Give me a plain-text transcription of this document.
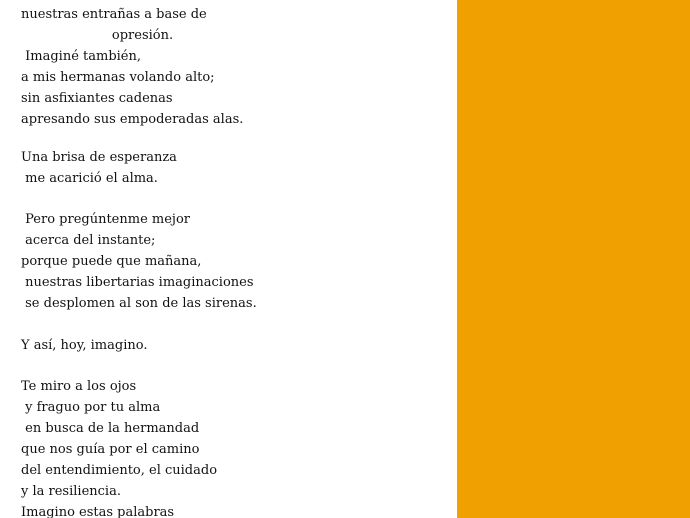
nuestras entrañas a base de
opresión.
Imaginé también,
a mis hermanas volando alto;
sin asfixiantes cadenas
apresando sus empoderadas alas.
Una brisa de esperanza
me acarició el alma.
Pero pregúntenme mejor
acerca del instante;
porque puede que mañana,
nuestras libertarias imaginaciones
se desplomen al son de las sirenas.
Y así, hoy, imagino.
Te miro a los ojos
y fraguo por tu alma
en busca de la hermandad
que nos guía por el camino
del entendimiento, el cuidado
y la resiliencia.
Imagino estas palabras
